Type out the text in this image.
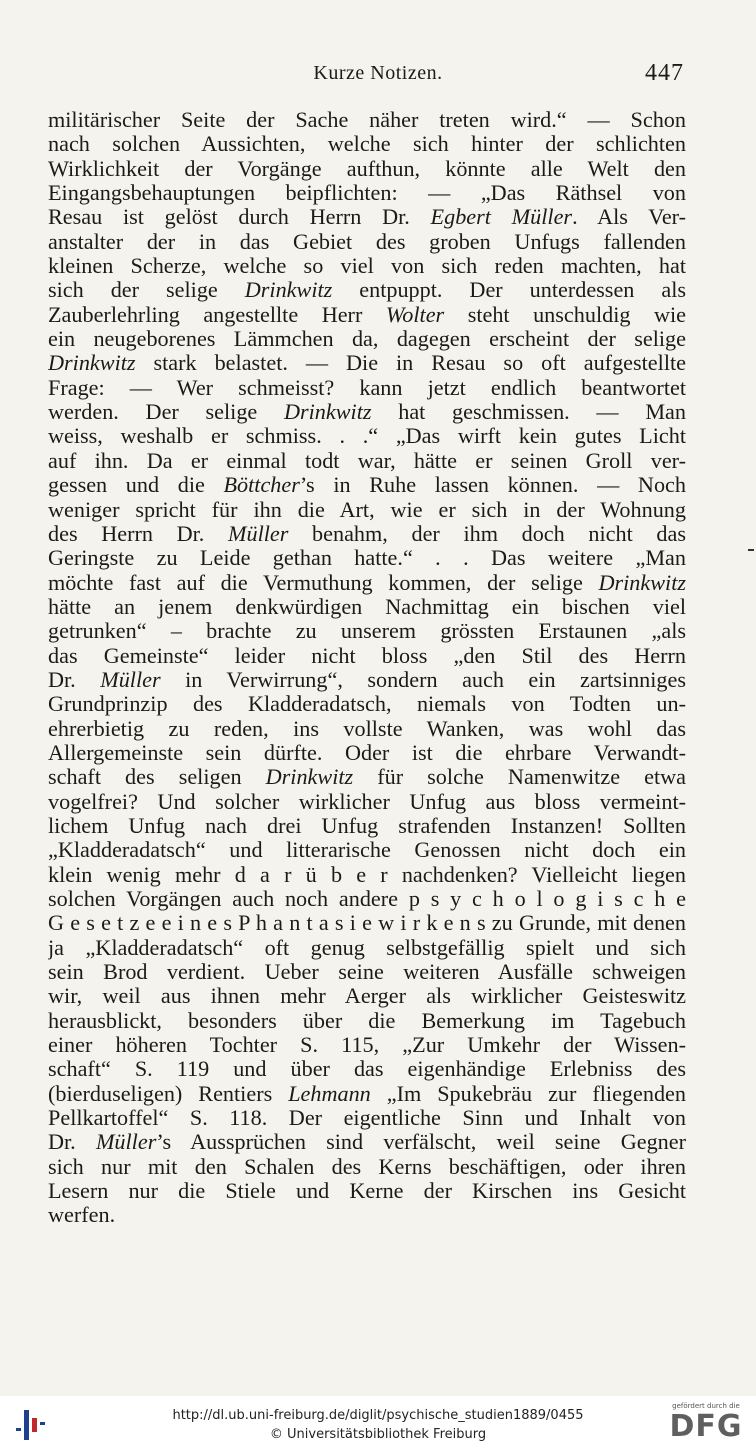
Kurze Notizen.	447
militärischer Seite der Sache näher treten wird.“ — Schon
nach solchen Aussichten, welche sich hinter der schlichten
Wirklichkeit der Vorgänge aufthun, könnte alle Welt den
Eingangsbehauptungen beipflichten: — „Das Räthsel von
Resau ist gelöst durch Herrn Dr. Egbert Müller. Als Ver-
anstalter der in das Gebiet des groben Unfugs fallenden
kleinen Scherze, welche so viel von sich reden machten, hat
sich der selige Drinkwitz entpuppt. Der unterdessen als
Zauberlehrling angestellte Herr Wolter steht unschuldig wie
ein neugeborenes Lämmchen da, dagegen erscheint der selige
Drinkwitz stark belastet. — Die in Resau so oft aufgestellte
Frage: — Wer schmeisst? kann jetzt endlich beantwortet
werden. Der selige Drinkwitz hat geschmissen. — Man
weiss, weshalb er schmiss. . .“ „Das wirft kein gutes Licht
auf ihn. Da er einmal todt war, hätte er seinen Groll ver-
gessen und die Böttcher’s in Ruhe lassen können. — Noch
weniger spricht für ihn die Art, wie er sich in der Wohnung
des Herrn Dr. Müller benahm, der ihm doch nicht das
Geringste zu Leide gethan hatte.“ . . Das weitere „Man
möchte fast auf die Vermuthung kommen, der selige Drinkwitz
hätte an jenem denkwürdigen Nachmittag ein bischen viel
getrunken“ – brachte zu unserem grössten Erstaunen „als
das Gemeinste“ leider nicht bloss „den Stil des Herrn
Dr. Müller in Verwirrung“, sondern auch ein zartsinniges
Grundprinzip des Kladderadatsch, niemals von Todten un-
ehrerbietig zu reden, ins vollste Wanken, was wohl das
Allergemeinste sein dürfte. Oder ist die ehrbare Verwandt-
schaft des seligen Drinkwitz für solche Namenwitze etwa
vogelfrei? Und solcher wirklicher Unfug aus bloss vermeint-
lichem Unfug nach drei Unfug strafenden Instanzen! Sollten
„Kladderadatsch“ und litterarische Genossen nicht doch ein
klein wenig mehr d a r ü b e r nachdenken? Vielleicht liegen
solchen Vorgängen auch noch andere p s y c h o l o g i s c h e
G e s e t z e e i n e s P h a n t a s i e w i r k e n s zu Grunde, mit denen
ja „Kladderadatsch“ oft genug selbstgefällig spielt und sich
sein Brod verdient. Ueber seine weiteren Ausfälle schweigen
wir, weil aus ihnen mehr Aerger als wirklicher Geisteswitz
herausblickt, besonders über die Bemerkung im Tagebuch
einer höheren Tochter S. 115, „Zur Umkehr der Wissen-
schaft“ S. 119 und über das eigenhändige Erlebniss des
(bierduseligen) Rentiers Lehmann „Im Spukebräu zur fliegenden
Pellkartoffel“ S. 118. Der eigentliche Sinn und Inhalt von
Dr. Müller’s Aussprüchen sind verfälscht, weil seine Gegner
sich nur mit den Schalen des Kerns beschäftigen, oder ihren
Lesern nur die Stiele und Kerne der Kirschen ins Gesicht
werfen.
http://dl.ub.uni-freiburg.de/diglit/psychische_studien1889/0455
© Universitätsbibliothek Freiburg
gefördert durch die
DFG
